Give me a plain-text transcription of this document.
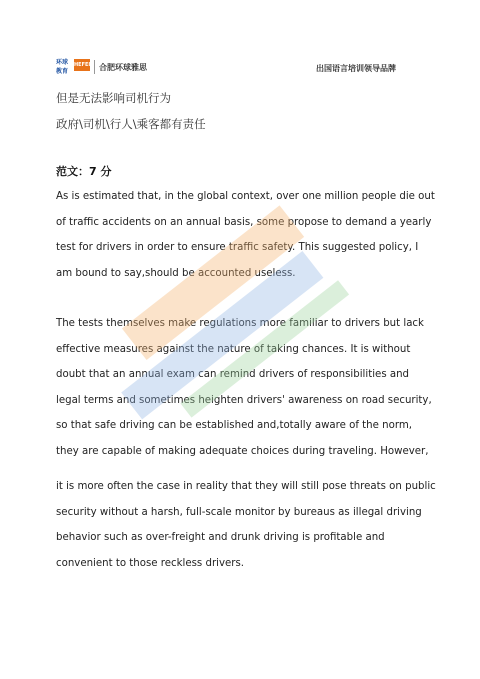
环球 教育
HEFEI 合肥环球雅思	出国语言培训领导品牌
但是无法影响司机行为
政府\司机\行人\乘客都有责任
范文：7 分

As is estimated that, in the global context, over one million people die out of traffic accidents on an annual basis, some propose to demand a yearly test for drivers in order to ensure traffic safety. This suggested policy, I am bound to say,should be accounted useless.

The tests themselves make regulations more familiar to drivers but lack effective measures against the nature of taking chances. It is without doubt that an annual exam can remind drivers of responsibilities and legal terms and sometimes heighten drivers' awareness on road security, so that safe driving can be established and,totally aware of the norm, they are capable of making adequate choices during traveling. However,

it is more often the case in reality that they will still pose threats on public security without a harsh, full-scale monitor by bureaus as illegal driving behavior such as over-freight and drunk driving is profitable and convenient to those reckless drivers.
